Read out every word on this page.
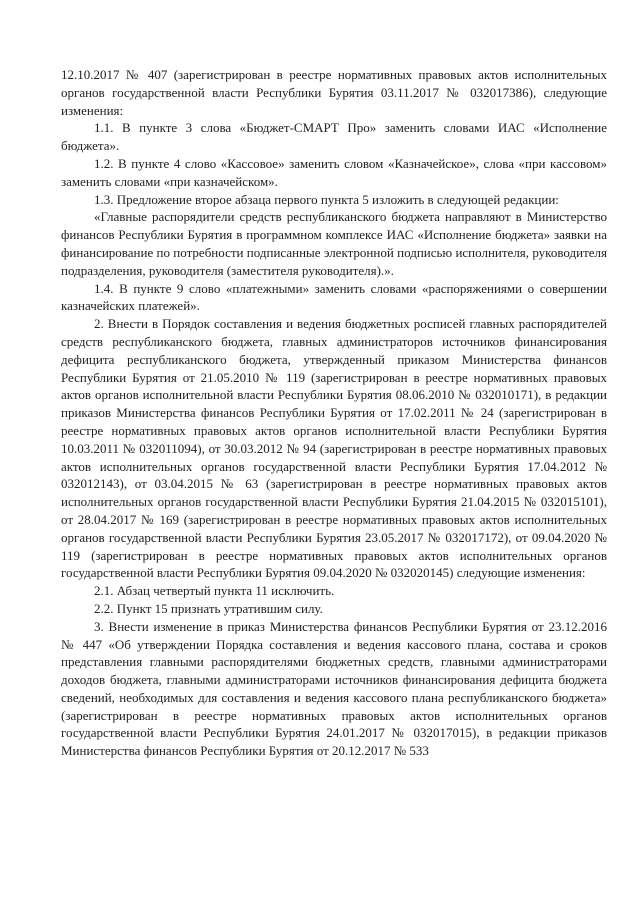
12.10.2017 № 407 (зарегистрирован в реестре нормативных правовых актов исполнительных органов государственной власти Республики Бурятия 03.11.2017 № 032017386), следующие изменения:

1.1. В пункте 3 слова «Бюджет-СМАРТ Про» заменить словами ИАС «Исполнение бюджета».

1.2. В пункте 4 слово «Кассовое» заменить словом «Казначейское», слова «при кассовом» заменить словами «при казначейском».

1.3. Предложение второе абзаца первого пункта 5 изложить в следующей редакции:

«Главные распорядители средств республиканского бюджета направляют в Министерство финансов Республики Бурятия в программном комплексе ИАС «Исполнение бюджета» заявки на финансирование по потребности подписанные электронной подписью исполнителя, руководителя подразделения, руководителя (заместителя руководителя).».

1.4. В пункте 9 слово «платежными» заменить словами «распоряжениями о совершении казначейских платежей».

2. Внести в Порядок составления и ведения бюджетных росписей главных распорядителей средств республиканского бюджета, главных администраторов источников финансирования дефицита республиканского бюджета, утвержденный приказом Министерства финансов Республики Бурятия от 21.05.2010 № 119 (зарегистрирован в реестре нормативных правовых актов органов исполнительной власти Республики Бурятия 08.06.2010 № 032010171), в редакции приказов Министерства финансов Республики Бурятия от 17.02.2011 № 24 (зарегистрирован в реестре нормативных правовых актов органов исполнительной власти Республики Бурятия 10.03.2011 № 032011094), от 30.03.2012 № 94 (зарегистрирован в реестре нормативных правовых актов исполнительных органов государственной власти Республики Бурятия 17.04.2012 № 032012143), от 03.04.2015 № 63 (зарегистрирован в реестре нормативных правовых актов исполнительных органов государственной власти Республики Бурятия 21.04.2015 № 032015101), от 28.04.2017 № 169 (зарегистрирован в реестре нормативных правовых актов исполнительных органов государственной власти Республики Бурятия 23.05.2017 № 032017172), от 09.04.2020 № 119 (зарегистрирован в реестре нормативных правовых актов исполнительных органов государственной власти Республики Бурятия 09.04.2020 № 032020145) следующие изменения:

2.1. Абзац четвертый пункта 11 исключить.

2.2. Пункт 15 признать утратившим силу.

3. Внести изменение в приказ Министерства финансов Республики Бурятия от 23.12.2016 № 447 «Об утверждении Порядка составления и ведения кассового плана, состава и сроков представления главными распорядителями бюджетных средств, главными администраторами доходов бюджета, главными администраторами источников финансирования дефицита бюджета сведений, необходимых для составления и ведения кассового плана республиканского бюджета» (зарегистрирован в реестре нормативных правовых актов исполнительных органов государственной власти Республики Бурятия 24.01.2017 № 032017015), в редакции приказов Министерства финансов Республики Бурятия от 20.12.2017 № 533
